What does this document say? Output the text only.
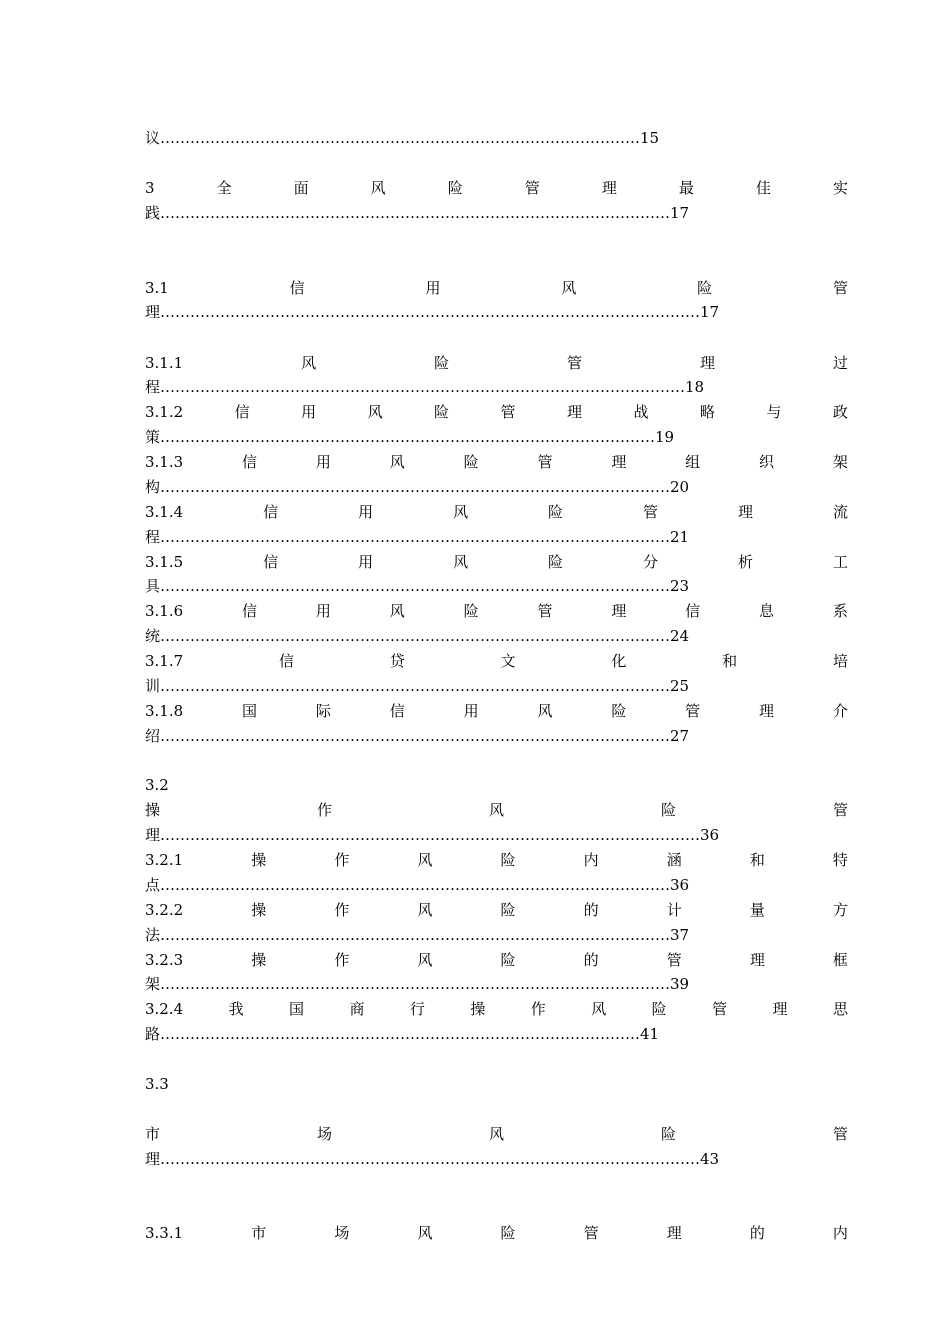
议……………………………………………………………………………………15
3	全	面	风	险	管	理	最	佳	实
践…………………………………………………………………………………………17
3.1	信	用	风	险	管
理………………………………………………………………………………………………17
3.1.1	风	险	管	理	过
程……………………………………………………………………………………………18
3.1.2	信	用	风	险	管	理	战	略	与	政
策………………………………………………………………………………………19
3.1.3	信	用	风	险	管	理	组	织	架
构…………………………………………………………………………………………20
3.1.4	信	用	风	险	管	理	流
程…………………………………………………………………………………………21
3.1.5	信	用	风	险	分	析	工
具…………………………………………………………………………………………23
3.1.6	信	用	风	险	管	理	信	息	系
统…………………………………………………………………………………………24
3.1.7	信	贷	文	化	和	培
训…………………………………………………………………………………………25
3.1.8	国	际	信	用	风	险	管	理	介
绍…………………………………………………………………………………………27
3.2
操	作	风	险	管
理………………………………………………………………………………………………36
3.2.1	操	作	风	险	内	涵	和	特
点…………………………………………………………………………………………36
3.2.2	操	作	风	险	的	计	量	方
法…………………………………………………………………………………………37
3.2.3	操	作	风	险	的	管	理	框
架…………………………………………………………………………………………39
3.2.4	我	国	商	行	操	作	风	险	管	理	思
路……………………………………………………………………………………41
3.3
市	场	风	险	管
理………………………………………………………………………………………………43
3.3.1	市	场	风	险	管	理	的	内
